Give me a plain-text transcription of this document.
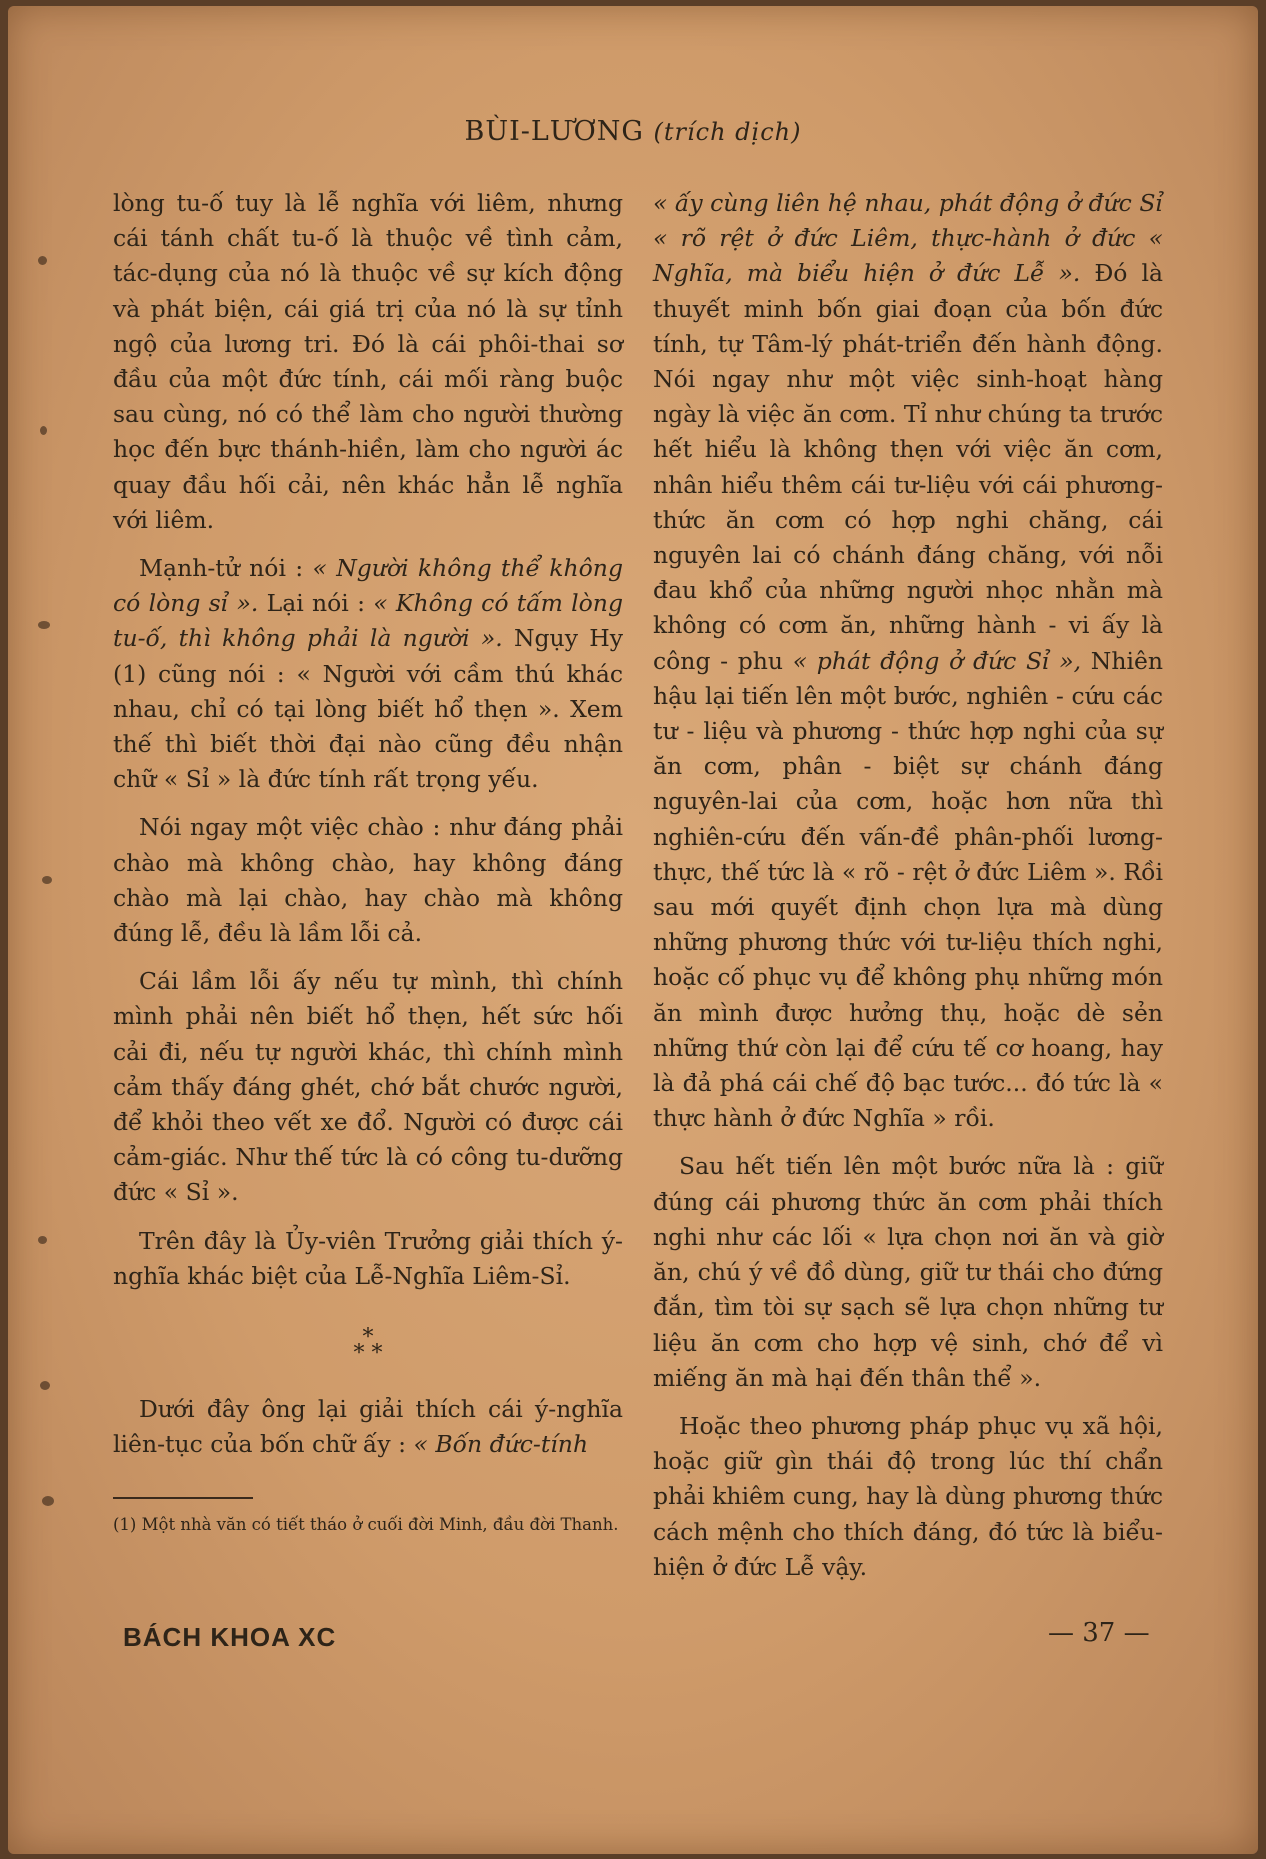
BÙI-LƯƠNG (trích dịch)

lòng tu-ố tuy là lễ nghĩa với liêm, nhưng cái tánh chất tu-ố là thuộc về tình cảm, tác-dụng của nó là thuộc về sự kích động và phát biện, cái giá trị của nó là sự tỉnh ngộ của lương tri. Đó là cái phôi-thai sơ đầu của một đức tính, cái mối ràng buộc sau cùng, nó có thể làm cho người thường học đến bực thánh-hiền, làm cho người ác quay đầu hối cải, nên khác hẳn lễ nghĩa với liêm.

Mạnh-tử nói : « Người không thể không có lòng sỉ ». Lại nói : « Không có tấm lòng tu-ố, thì không phải là người ». Ngụy Hy (1) cũng nói : « Người với cầm thú khác nhau, chỉ có tại lòng biết hổ thẹn ». Xem thế thì biết thời đại nào cũng đều nhận chữ « Sỉ » là đức tính rất trọng yếu.

Nói ngay một việc chào : như đáng phải chào mà không chào, hay không đáng chào mà lại chào, hay chào mà không đúng lễ, đều là lầm lỗi cả.

Cái lầm lỗi ấy nếu tự mình, thì chính mình phải nên biết hổ thẹn, hết sức hối cải đi, nếu tự người khác, thì chính mình cảm thấy đáng ghét, chớ bắt chước người, để khỏi theo vết xe đổ. Người có được cái cảm-giác. Như thế tức là có công tu-dưỡng đức « Sỉ ».

Trên đây là Ủy-viên Trưởng giải thích ý-nghĩa khác biệt của Lễ-Nghĩa Liêm-Sỉ.

*
* *

Dưới đây ông lại giải thích cái ý-nghĩa liên-tục của bốn chữ ấy : « Bốn đức-tính

(1) Một nhà văn có tiết tháo ở cuối đời Minh, đầu đời Thanh.

« ấy cùng liên hệ nhau, phát động ở đức Sỉ « rõ rệt ở đức Liêm, thực-hành ở đức « Nghĩa, mà biểu hiện ở đức Lễ ». Đó là thuyết minh bốn giai đoạn của bốn đức tính, tự Tâm-lý phát-triển đến hành động. Nói ngay như một việc sinh-hoạt hàng ngày là việc ăn cơm. Tỉ như chúng ta trước hết hiểu là không thẹn với việc ăn cơm, nhân hiểu thêm cái tư-liệu với cái phương-thức ăn cơm có hợp nghi chăng, cái nguyên lai có chánh đáng chăng, với nỗi đau khổ của những người nhọc nhằn mà không có cơm ăn, những hành - vi ấy là công - phu « phát động ở đức Sỉ », Nhiên hậu lại tiến lên một bước, nghiên - cứu các tư - liệu và phương - thức hợp nghi của sự ăn cơm, phân - biệt sự chánh đáng nguyên-lai của cơm, hoặc hơn nữa thì nghiên-cứu đến vấn-đề phân-phối lương-thực, thế tức là « rõ - rệt ở đức Liêm ». Rồi sau mới quyết định chọn lựa mà dùng những phương thức với tư-liệu thích nghi, hoặc cố phục vụ để không phụ những món ăn mình được hưởng thụ, hoặc dè sẻn những thứ còn lại để cứu tế cơ hoang, hay là đả phá cái chế độ bạc tước... đó tức là « thực hành ở đức Nghĩa » rồi.

Sau hết tiến lên một bước nữa là : giữ đúng cái phương thức ăn cơm phải thích nghi như các lối « lựa chọn nơi ăn và giờ ăn, chú ý về đồ dùng, giữ tư thái cho đứng đắn, tìm tòi sự sạch sẽ lựa chọn những tư liệu ăn cơm cho hợp vệ sinh, chớ để vì miếng ăn mà hại đến thân thể ».

Hoặc theo phương pháp phục vụ xã hội, hoặc giữ gìn thái độ trong lúc thí chẩn phải khiêm cung, hay là dùng phương thức cách mệnh cho thích đáng, đó tức là biểu-hiện ở đức Lễ vậy.

BÁCH KHOA XC	— 37 —
